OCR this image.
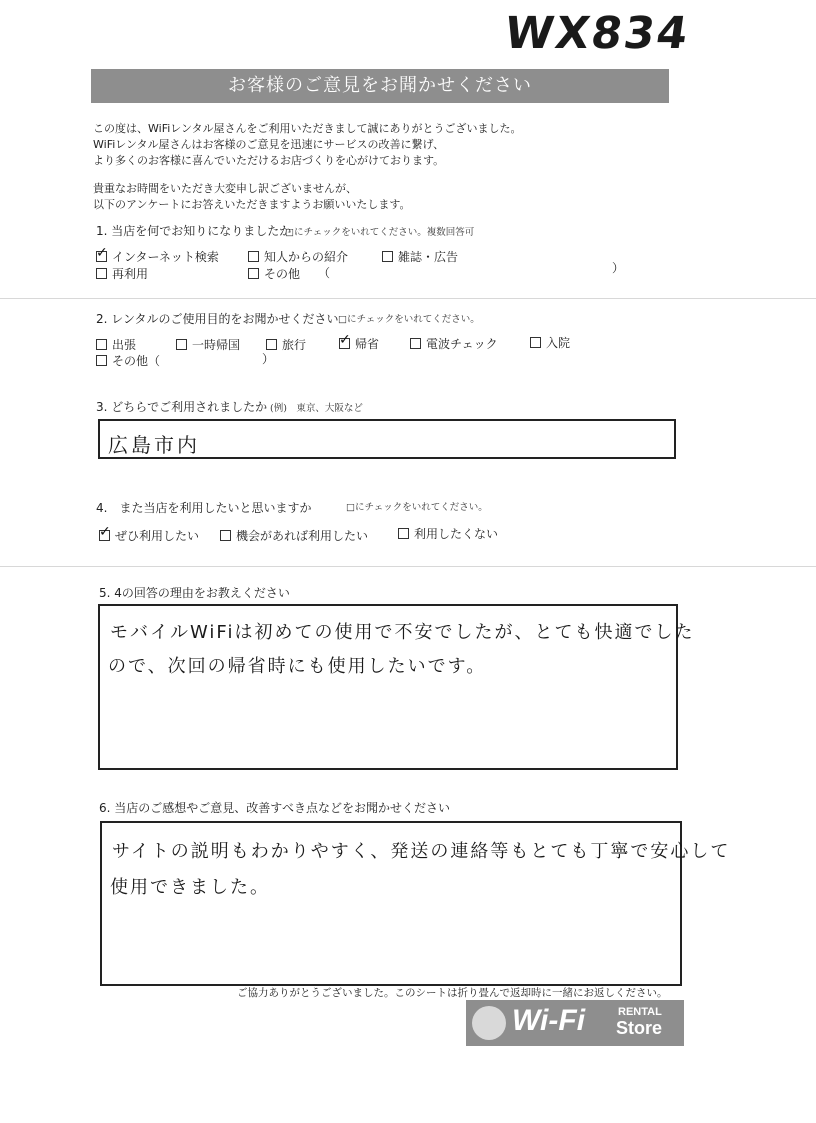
WX834
お客様のご意見をお聞かせください
この度は、WiFiレンタル屋さんをご利用いただきまして誠にありがとうございました。
WiFiレンタル屋さんはお客様のご意見を迅速にサービスの改善に繋げ、
より多くのお客様に喜んでいただけるお店づくりを心がけております。
貴重なお時間をいただき大変申し訳ございませんが、
以下のアンケートにお答えいただきますようお願いいたします。
1. 当店を何でお知りになりましたか
□にチェックをいれてください。複数回答可
✓インターネット検索	知人からの紹介	雑誌・広告
再利用	その他 （	）
2. レンタルのご使用目的をお聞かせください □にチェックをいれてください。
出張	一時帰国	旅行
✓	帰省	電波チェック	入院
その他（	）
3. どちらでご利用されましたか (例)　東京、大阪など
広島市内
4.　また当店を利用したいと思いますか	□にチェックをいれてください。
✓ぜひ利用したい	機会があれば利用したい	利用したくない
5. 4の回答の理由をお教えください
モバイルWiFiは初めての使用で不安でしたが、とても快適でした
ので、次回の帰省時にも使用したいです。
6. 当店のご感想やご意見、改善すべき点などをお聞かせください
サイトの説明もわかりやすく、発送の連絡等もとても丁寧で安心して
使用できました。
ご協力ありがとうございました。このシートは折り畳んで返却時に一緒にお返しください。
Wi-Fi	RENTAL
Store
